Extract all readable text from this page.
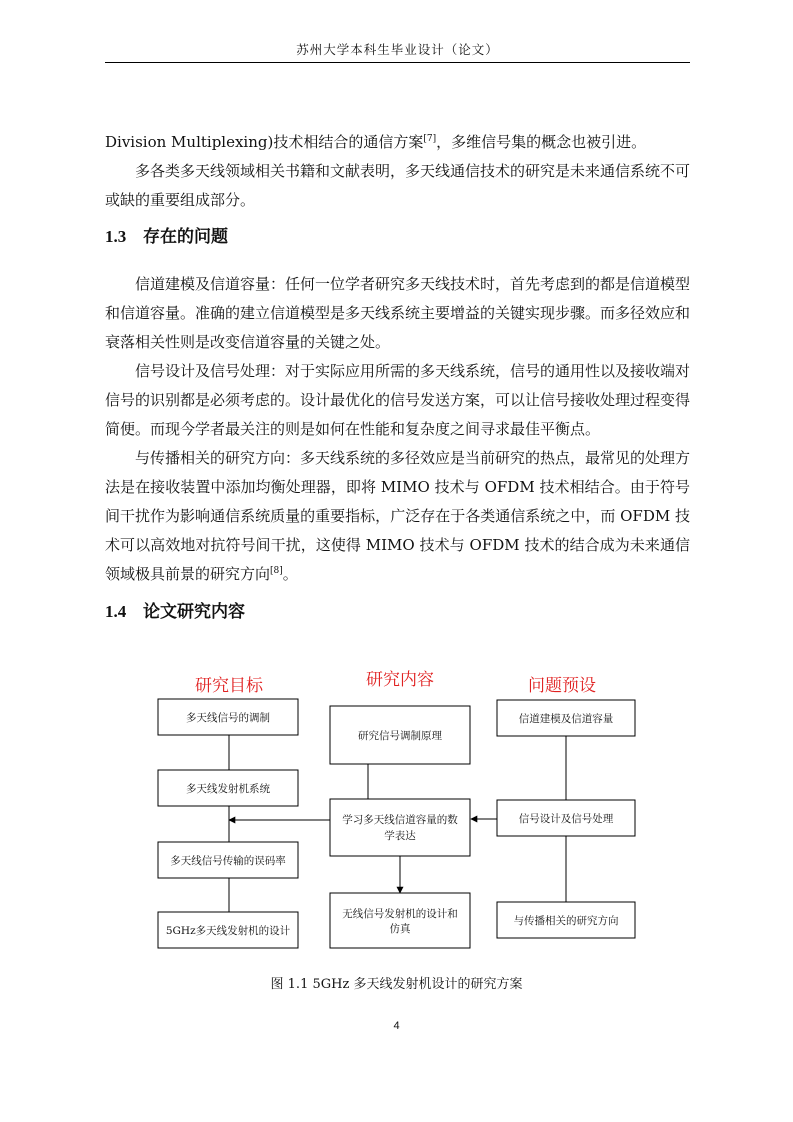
苏州大学本科生毕业设计（论文）

Division Multiplexing)技术相结合的通信方案[7]，多维信号集的概念也被引进。

多各类多天线领域相关书籍和文献表明，多天线通信技术的研究是未来通信系统不可或缺的重要组成部分。

1.3 存在的问题

信道建模及信道容量：任何一位学者研究多天线技术时，首先考虑到的都是信道模型和信道容量。准确的建立信道模型是多天线系统主要增益的关键实现步骤。而多径效应和衰落相关性则是改变信道容量的关键之处。

信号设计及信号处理：对于实际应用所需的多天线系统，信号的通用性以及接收端对信号的识别都是必须考虑的。设计最优化的信号发送方案，可以让信号接收处理过程变得简便。而现今学者最关注的则是如何在性能和复杂度之间寻求最佳平衡点。

与传播相关的研究方向：多天线系统的多径效应是当前研究的热点，最常见的处理方法是在接收装置中添加均衡处理器，即将 MIMO 技术与 OFDM 技术相结合。由于符号间干扰作为影响通信系统质量的重要指标，广泛存在于各类通信系统之中，而 OFDM 技术可以高效地对抗符号间干扰，这使得 MIMO 技术与 OFDM 技术的结合成为未来通信领域极具前景的研究方向[8]。

1.4 论文研究内容
研究目标	研究内容	问题预设
多天线信号的调制
多天线发射机系统
多天线信号传输的误码率
5GHz多天线发射机的设计
研究信号调制原理
学习多天线信道容量的数
学表达
无线信号发射机的设计和
仿真
信道建模及信道容量
信号设计及信号处理
与传播相关的研究方向
图 1.1 5GHz 多天线发射机设计的研究方案
4
